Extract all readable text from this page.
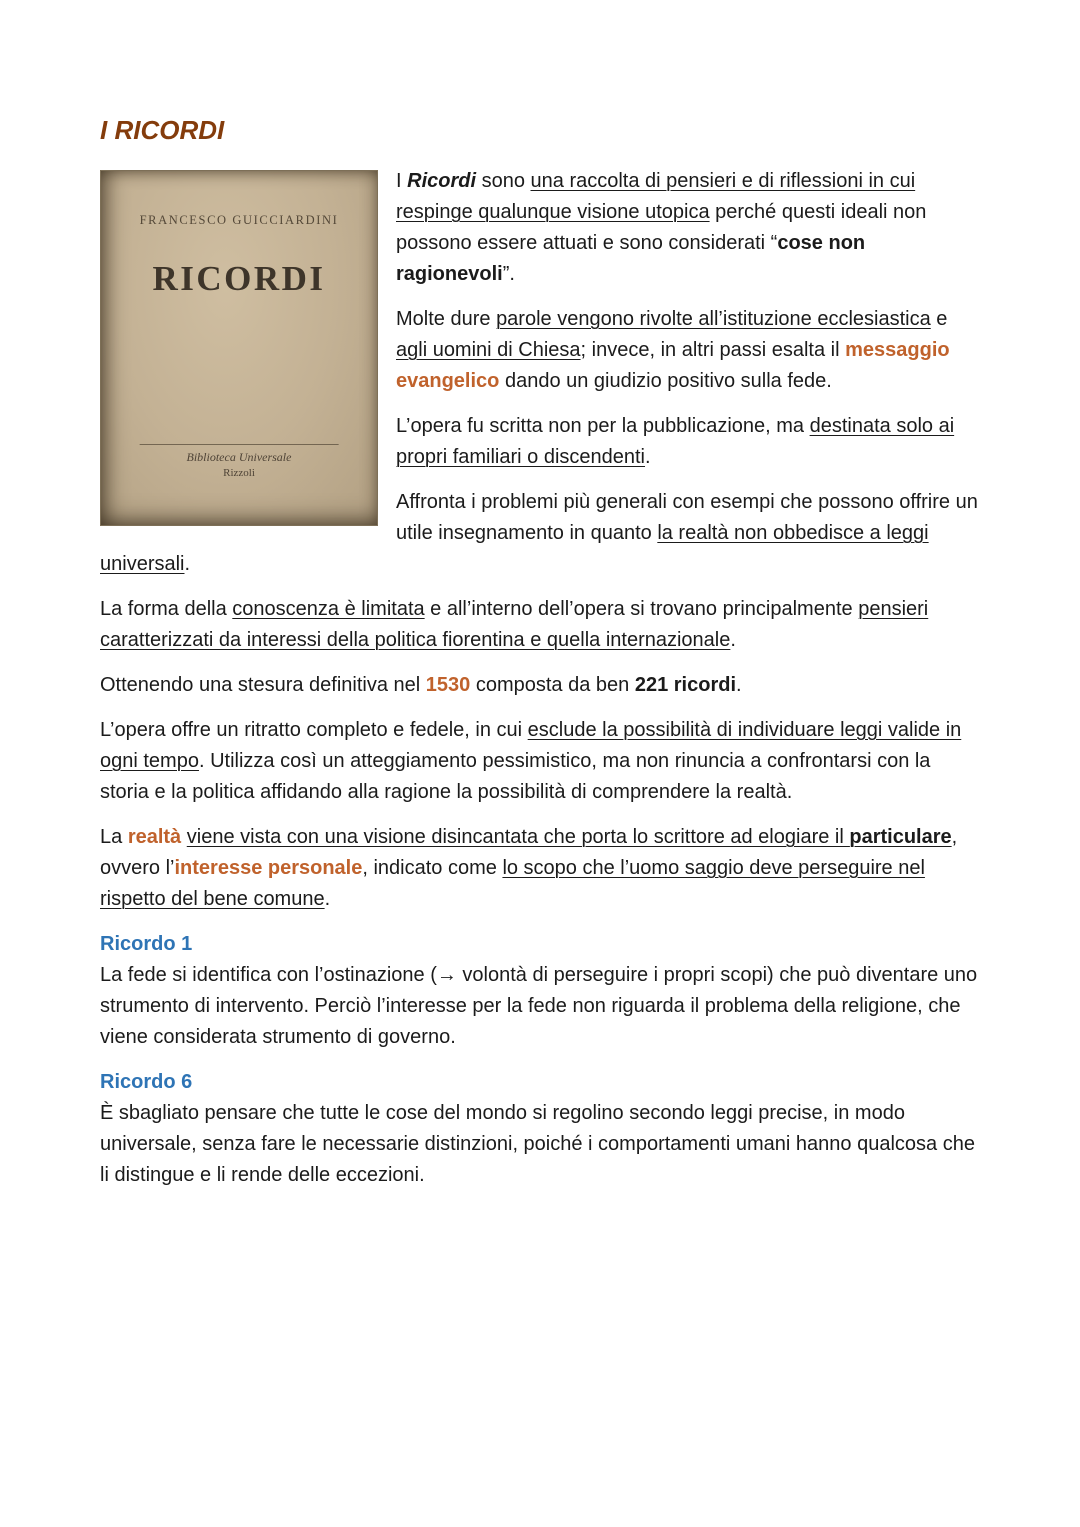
I RICORDI
FRANCESCO GUICCIARDINI
RICORDI
Biblioteca Universale
Rizzoli

I Ricordi sono una raccolta di pensieri e di riflessioni in cui respinge qualunque visione utopica perché questi ideali non possono essere attuati e sono considerati “cose non ragionevoli”.

Molte dure parole vengono rivolte all’istituzione ecclesiastica e agli uomini di Chiesa; invece, in altri passi esalta il messaggio evangelico dando un giudizio positivo sulla fede.

L’opera fu scritta non per la pubblicazione, ma destinata solo ai propri familiari o discendenti.

Affronta i problemi più generali con esempi che possono offrire un utile insegnamento in quanto la realtà non obbedisce a leggi universali.

La forma della conoscenza è limitata e all’interno dell’opera si trovano principalmente pensieri caratterizzati da interessi della politica fiorentina e quella internazionale.

Ottenendo una stesura definitiva nel 1530 composta da ben 221 ricordi.

L’opera offre un ritratto completo e fedele, in cui esclude la possibilità di individuare leggi valide in ogni tempo. Utilizza così un atteggiamento pessimistico, ma non rinuncia a confrontarsi con la storia e la politica affidando alla ragione la possibilità di comprendere la realtà.

La realtà viene vista con una visione disincantata che porta lo scrittore ad elogiare il particulare, ovvero l’interesse personale, indicato come lo scopo che l’uomo saggio deve perseguire nel rispetto del bene comune.

Ricordo 1

La fede si identifica con l’ostinazione (→ volontà di perseguire i propri scopi) che può diventare uno strumento di intervento. Perciò l’interesse per la fede non riguarda il problema della religione, che viene considerata strumento di governo.

Ricordo 6

È sbagliato pensare che tutte le cose del mondo si regolino secondo leggi precise, in modo universale, senza fare le necessarie distinzioni, poiché i comportamenti umani hanno qualcosa che li distingue e li rende delle eccezioni.
